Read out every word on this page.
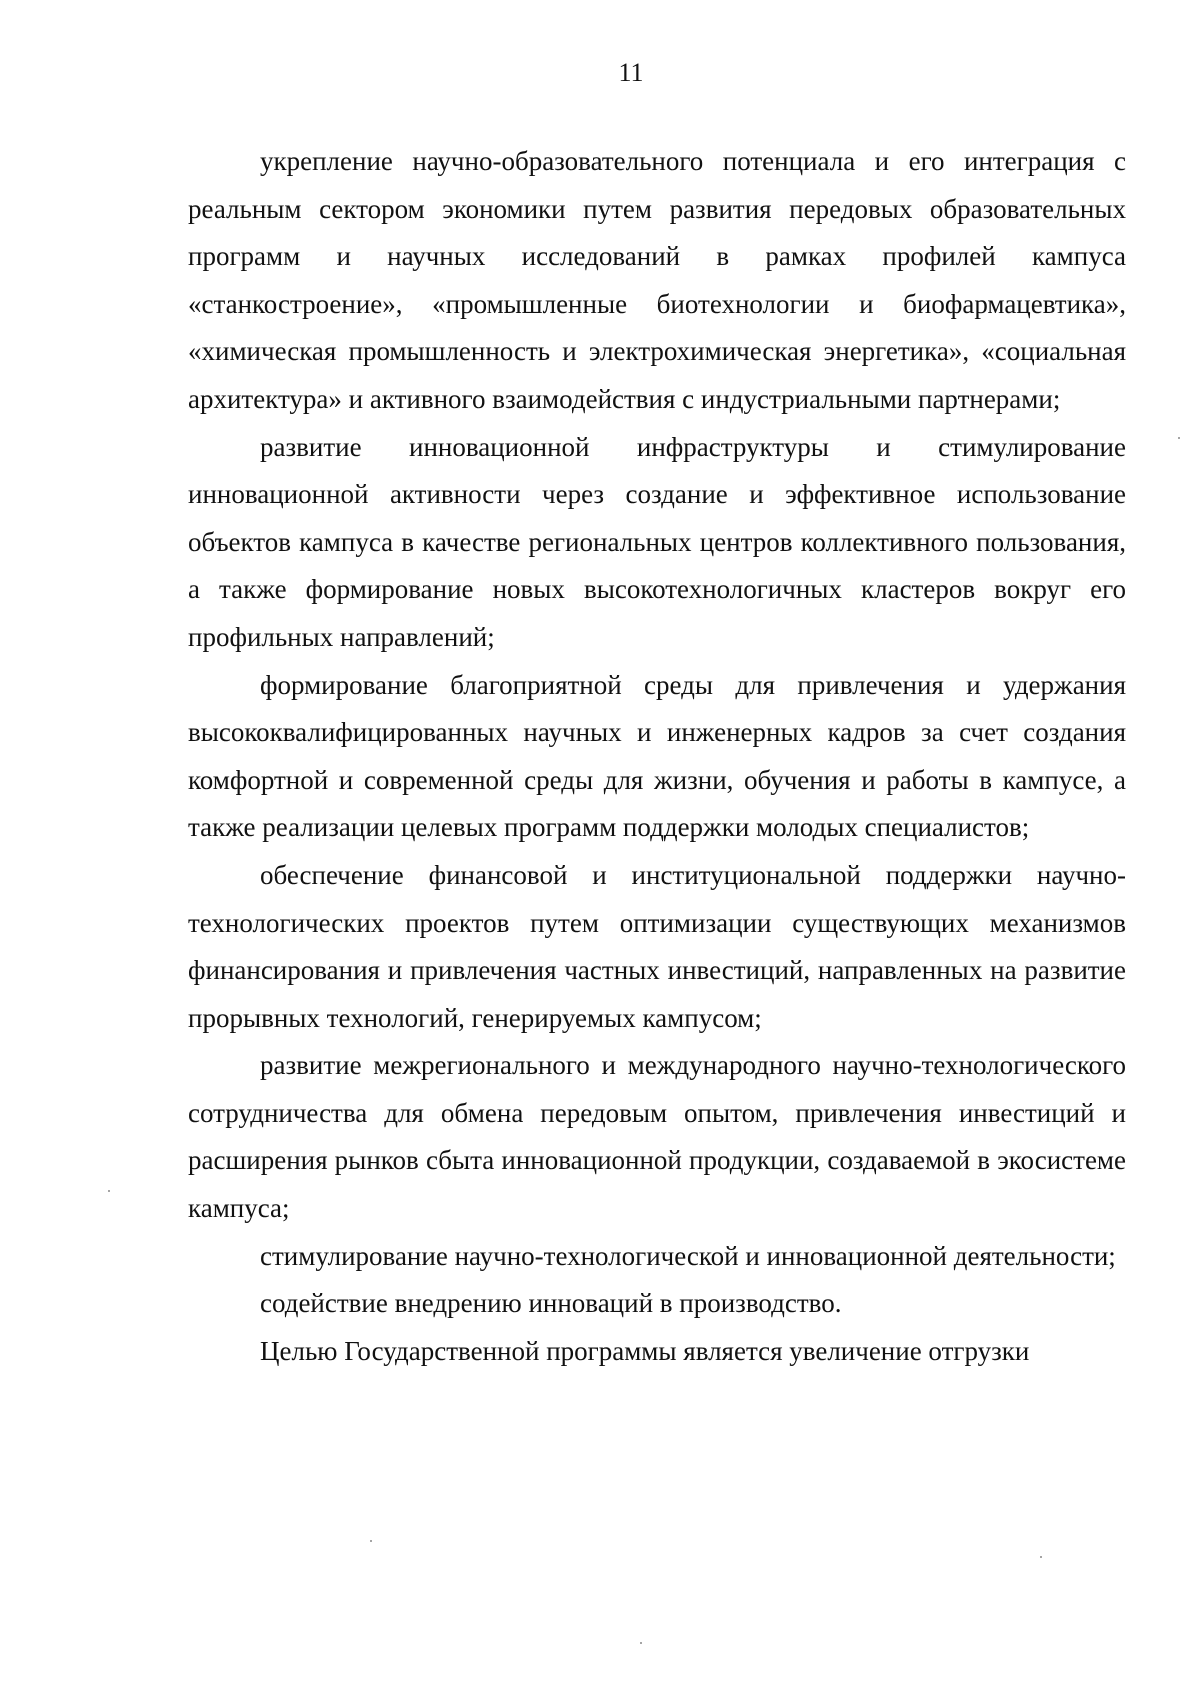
11

укрепление научно-образовательного потенциала и его интеграция с реальным сектором экономики путем развития передовых образовательных программ и научных исследований в рамках профилей кампуса «станкостроение», «промышленные биотехнологии и биофармацевтика», «химическая промышленность и электрохимическая энергетика», «социальная архитектура» и активного взаимодействия с индустриальными партнерами;

развитие инновационной инфраструктуры и стимулирование инновационной активности через создание и эффективное использование объектов кампуса в качестве региональных центров коллективного пользования, а также формирование новых высокотехнологичных кластеров вокруг его профильных направлений;

формирование благоприятной среды для привлечения и удержания высококвалифицированных научных и инженерных кадров за счет создания комфортной и современной среды для жизни, обучения и работы в кампусе, а также реализации целевых программ поддержки молодых специалистов;

обеспечение финансовой и институциональной поддержки научно-технологических проектов путем оптимизации существующих механизмов финансирования и привлечения частных инвестиций, направленных на развитие прорывных технологий, генерируемых кампусом;

развитие межрегионального и международного научно-технологического сотрудничества для обмена передовым опытом, привлечения инвестиций и расширения рынков сбыта инновационной продукции, создаваемой в экосистеме кампуса;

стимулирование научно-технологической и инновационной деятельности;

содействие внедрению инноваций в производство.

Целью Государственной программы является увеличение отгрузки
